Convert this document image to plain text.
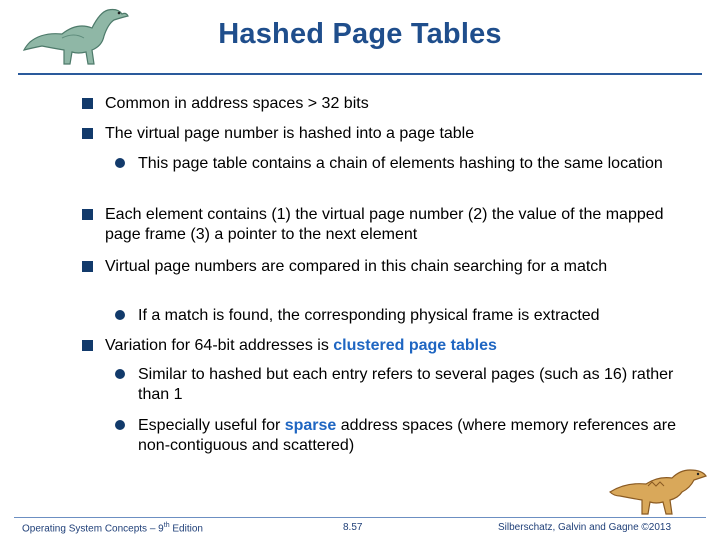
Hashed Page Tables
Common in address spaces > 32 bits
The virtual page number is hashed into a page table
This page table contains a chain of elements hashing to the same location
Each element contains (1) the virtual page number (2) the value of the mapped page frame (3) a pointer to the next element
Virtual page numbers are compared in this chain searching for a match
If a match is found, the corresponding physical frame is extracted
Variation for 64-bit addresses is clustered page tables
Similar to hashed but each entry refers to several pages (such as 16) rather than 1
Especially useful for sparse address spaces (where memory references are non-contiguous and scattered)
Operating System Concepts – 9th Edition	8.57	Silberschatz, Galvin and Gagne ©2013
